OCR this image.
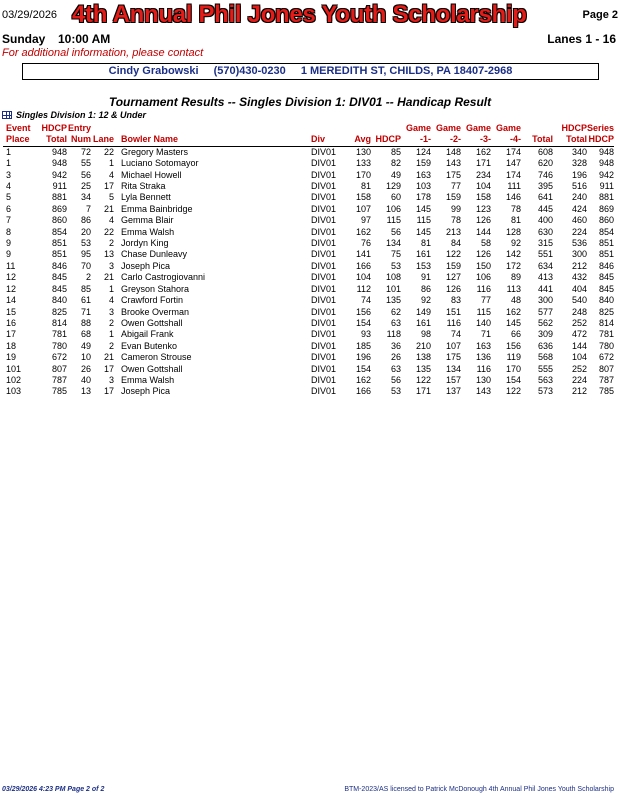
03/29/2026 4th Annual Phil Jones Youth Scholarship	Page 2
Sunday 10:00 AM	Lanes 1 - 16
For additional information, please contact
Cindy Grabowski (570)430-0230 1 MEREDITH ST, CHILDS, PA 18407-2968
Tournament Results -- Singles Division 1: DIV01 -- Handicap Result
Singles Division 1: 12 & Under
Event	HDCP	Entry						Game	Game	Game	Game		HDCP	Series
Place	Total	Num	Lane	Bowler Name	Div	Avg	HDCP	-1-	-2-	-3-	-4-	Total	Total	HDCP
1	948	72	22	Gregory Masters	DIV01	130	85	124	148	162	174	608	340	948
1	948	55	1	Luciano Sotomayor	DIV01	133	82	159	143	171	147	620	328	948
3	942	56	4	Michael Howell	DIV01	170	49	163	175	234	174	746	196	942
4	911	25	17	Rita Straka	DIV01	81	129	103	77	104	111	395	516	911
5	881	34	5	Lyla Bennett	DIV01	158	60	178	159	158	146	641	240	881
6	869	7	21	Emma Bainbridge	DIV01	107	106	145	99	123	78	445	424	869
7	860	86	4	Gemma Blair	DIV01	97	115	115	78	126	81	400	460	860
8	854	20	22	Emma Walsh	DIV01	162	56	145	213	144	128	630	224	854
9	851	53	2	Jordyn King	DIV01	76	134	81	84	58	92	315	536	851
9	851	95	13	Chase Dunleavy	DIV01	141	75	161	122	126	142	551	300	851
11	846	70	3	Joseph Pica	DIV01	166	53	153	159	150	172	634	212	846
12	845	2	21	Carlo Castrogiovanni	DIV01	104	108	91	127	106	89	413	432	845
12	845	85	1	Greyson Stahora	DIV01	112	101	86	126	116	113	441	404	845
14	840	61	4	Crawford Fortin	DIV01	74	135	92	83	77	48	300	540	840
15	825	71	3	Brooke Overman	DIV01	156	62	149	151	115	162	577	248	825
16	814	88	2	Owen Gottshall	DIV01	154	63	161	116	140	145	562	252	814
17	781	68	1	Abigail Frank	DIV01	93	118	98	74	71	66	309	472	781
18	780	49	2	Evan Butenko	DIV01	185	36	210	107	163	156	636	144	780
19	672	10	21	Cameron Strouse	DIV01	196	26	138	175	136	119	568	104	672
101	807	26	17	Owen Gottshall	DIV01	154	63	135	134	116	170	555	252	807
102	787	40	3	Emma Walsh	DIV01	162	56	122	157	130	154	563	224	787
103	785	13	17	Joseph Pica	DIV01	166	53	171	137	143	122	573	212	785
03/29/2026 4:23 PM Page 2 of 2	BTM-2023/AS licensed to Patrick McDonough 4th Annual Phil Jones Youth Scholarship
